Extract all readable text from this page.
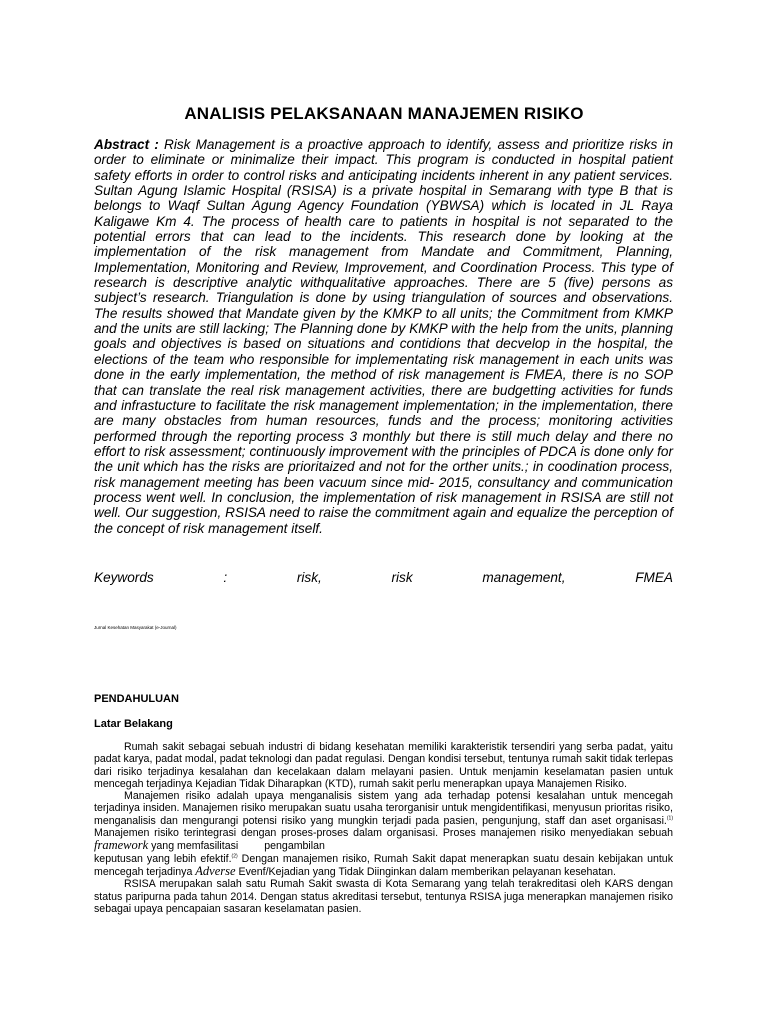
ANALISIS PELAKSANAAN MANAJEMEN RISIKO

Abstract : Risk Management is a proactive approach to identify, assess and prioritize risks in order to eliminate or minimalize their impact. This program is conducted in hospital patient safety efforts in order to control risks and anticipating incidents inherent in any patient services. Sultan Agung Islamic Hospital (RSISA) is a private hospital in Semarang with type B that is belongs to Waqf Sultan Agung Agency Foundation (YBWSA) which is located in JL Raya Kaligawe Km 4. The process of health care to patients in hospital is not separated to the potential errors that can lead to the incidents. This research done by looking at the implementation of the risk management from Mandate and Commitment, Planning, Implementation, Monitoring and Review, Improvement, and Coordination Process. This type of research is descriptive analytic withqualitative approaches. There are 5 (five) persons as subject’s research. Triangulation is done by using triangulation of sources and observations. The results showed that Mandate given by the KMKP to all units; the Commitment from KMKP and the units are still lacking; The Planning done by KMKP with the help from the units, planning goals and objectives is based on situations and contidions that decvelop in the hospital, the elections of the team who responsible for implementating risk management in each units was done in the early implementation, the method of risk management is FMEA, there is no SOP that can translate the real risk management activities, there are budgetting activities for funds and infrastucture to facilitate the risk management implementation; in the implementation, there are many obstacles from human resources, funds and the process; monitoring activities performed through the reporting process 3 monthly but there is still much delay and there no effort to risk assessment; continuously improvement with the principles of PDCA is done only for the unit which has the risks are prioritaized and not for the orther units.; in coodination process, risk management meeting has been vacuum since mid- 2015, consultancy and communication process went well. In conclusion, the implementation of risk management in RSISA are still not well. Our suggestion, RSISA need to raise the commitment again and equalize the perception of the concept of risk management itself.

Keywords	:	risk,	risk	management,	FMEA
Jurnal Kesehatan Masyarakat (e-Journal)
PENDAHULUAN
Latar Belakang

Rumah sakit sebagai sebuah industri di bidang kesehatan memiliki karakteristik tersendiri yang serba padat, yaitu padat karya, padat modal, padat teknologi dan padat regulasi. Dengan kondisi tersebut, tentunya rumah sakit tidak terlepas dari risiko terjadinya kesalahan dan kecelakaan dalam melayani pasien. Untuk menjamin keselamatan pasien untuk mencegah terjadinya Kejadian Tidak Diharapkan (KTD), rumah sakit perlu menerapkan upaya Manajemen Risiko.

Manajemen risiko adalah upaya menganalisis sistem yang ada terhadap potensi kesalahan untuk mencegah terjadinya insiden. Manajemen risiko merupakan suatu usaha terorganisir untuk mengidentifikasi, menyusun prioritas risiko, menganalisis dan mengurangi potensi risiko yang mungkin terjadi pada pasien, pengunjung, staff dan aset organisasi.$^{(1)}$ Manajemen risiko terintegrasi dengan proses-proses dalam organisasi. Proses manajemen risiko menyediakan sebuah framework yang memfasilitasi pengambilan

keputusan yang lebih efektif.$^{(2)}$ Dengan manajemen risiko, Rumah Sakit dapat menerapkan suatu desain kebijakan untuk mencegah terjadinya Adverse Evenf/Kejadian yang Tidak Diinginkan dalam memberikan pelayanan kesehatan.

RSISA merupakan salah satu Rumah Sakit swasta di Kota Semarang yang telah terakreditasi oleh KARS dengan status paripurna pada tahun 2014. Dengan status akreditasi tersebut, tentunya RSISA juga menerapkan manajemen risiko sebagai upaya pencapaian sasaran keselamatan pasien.
